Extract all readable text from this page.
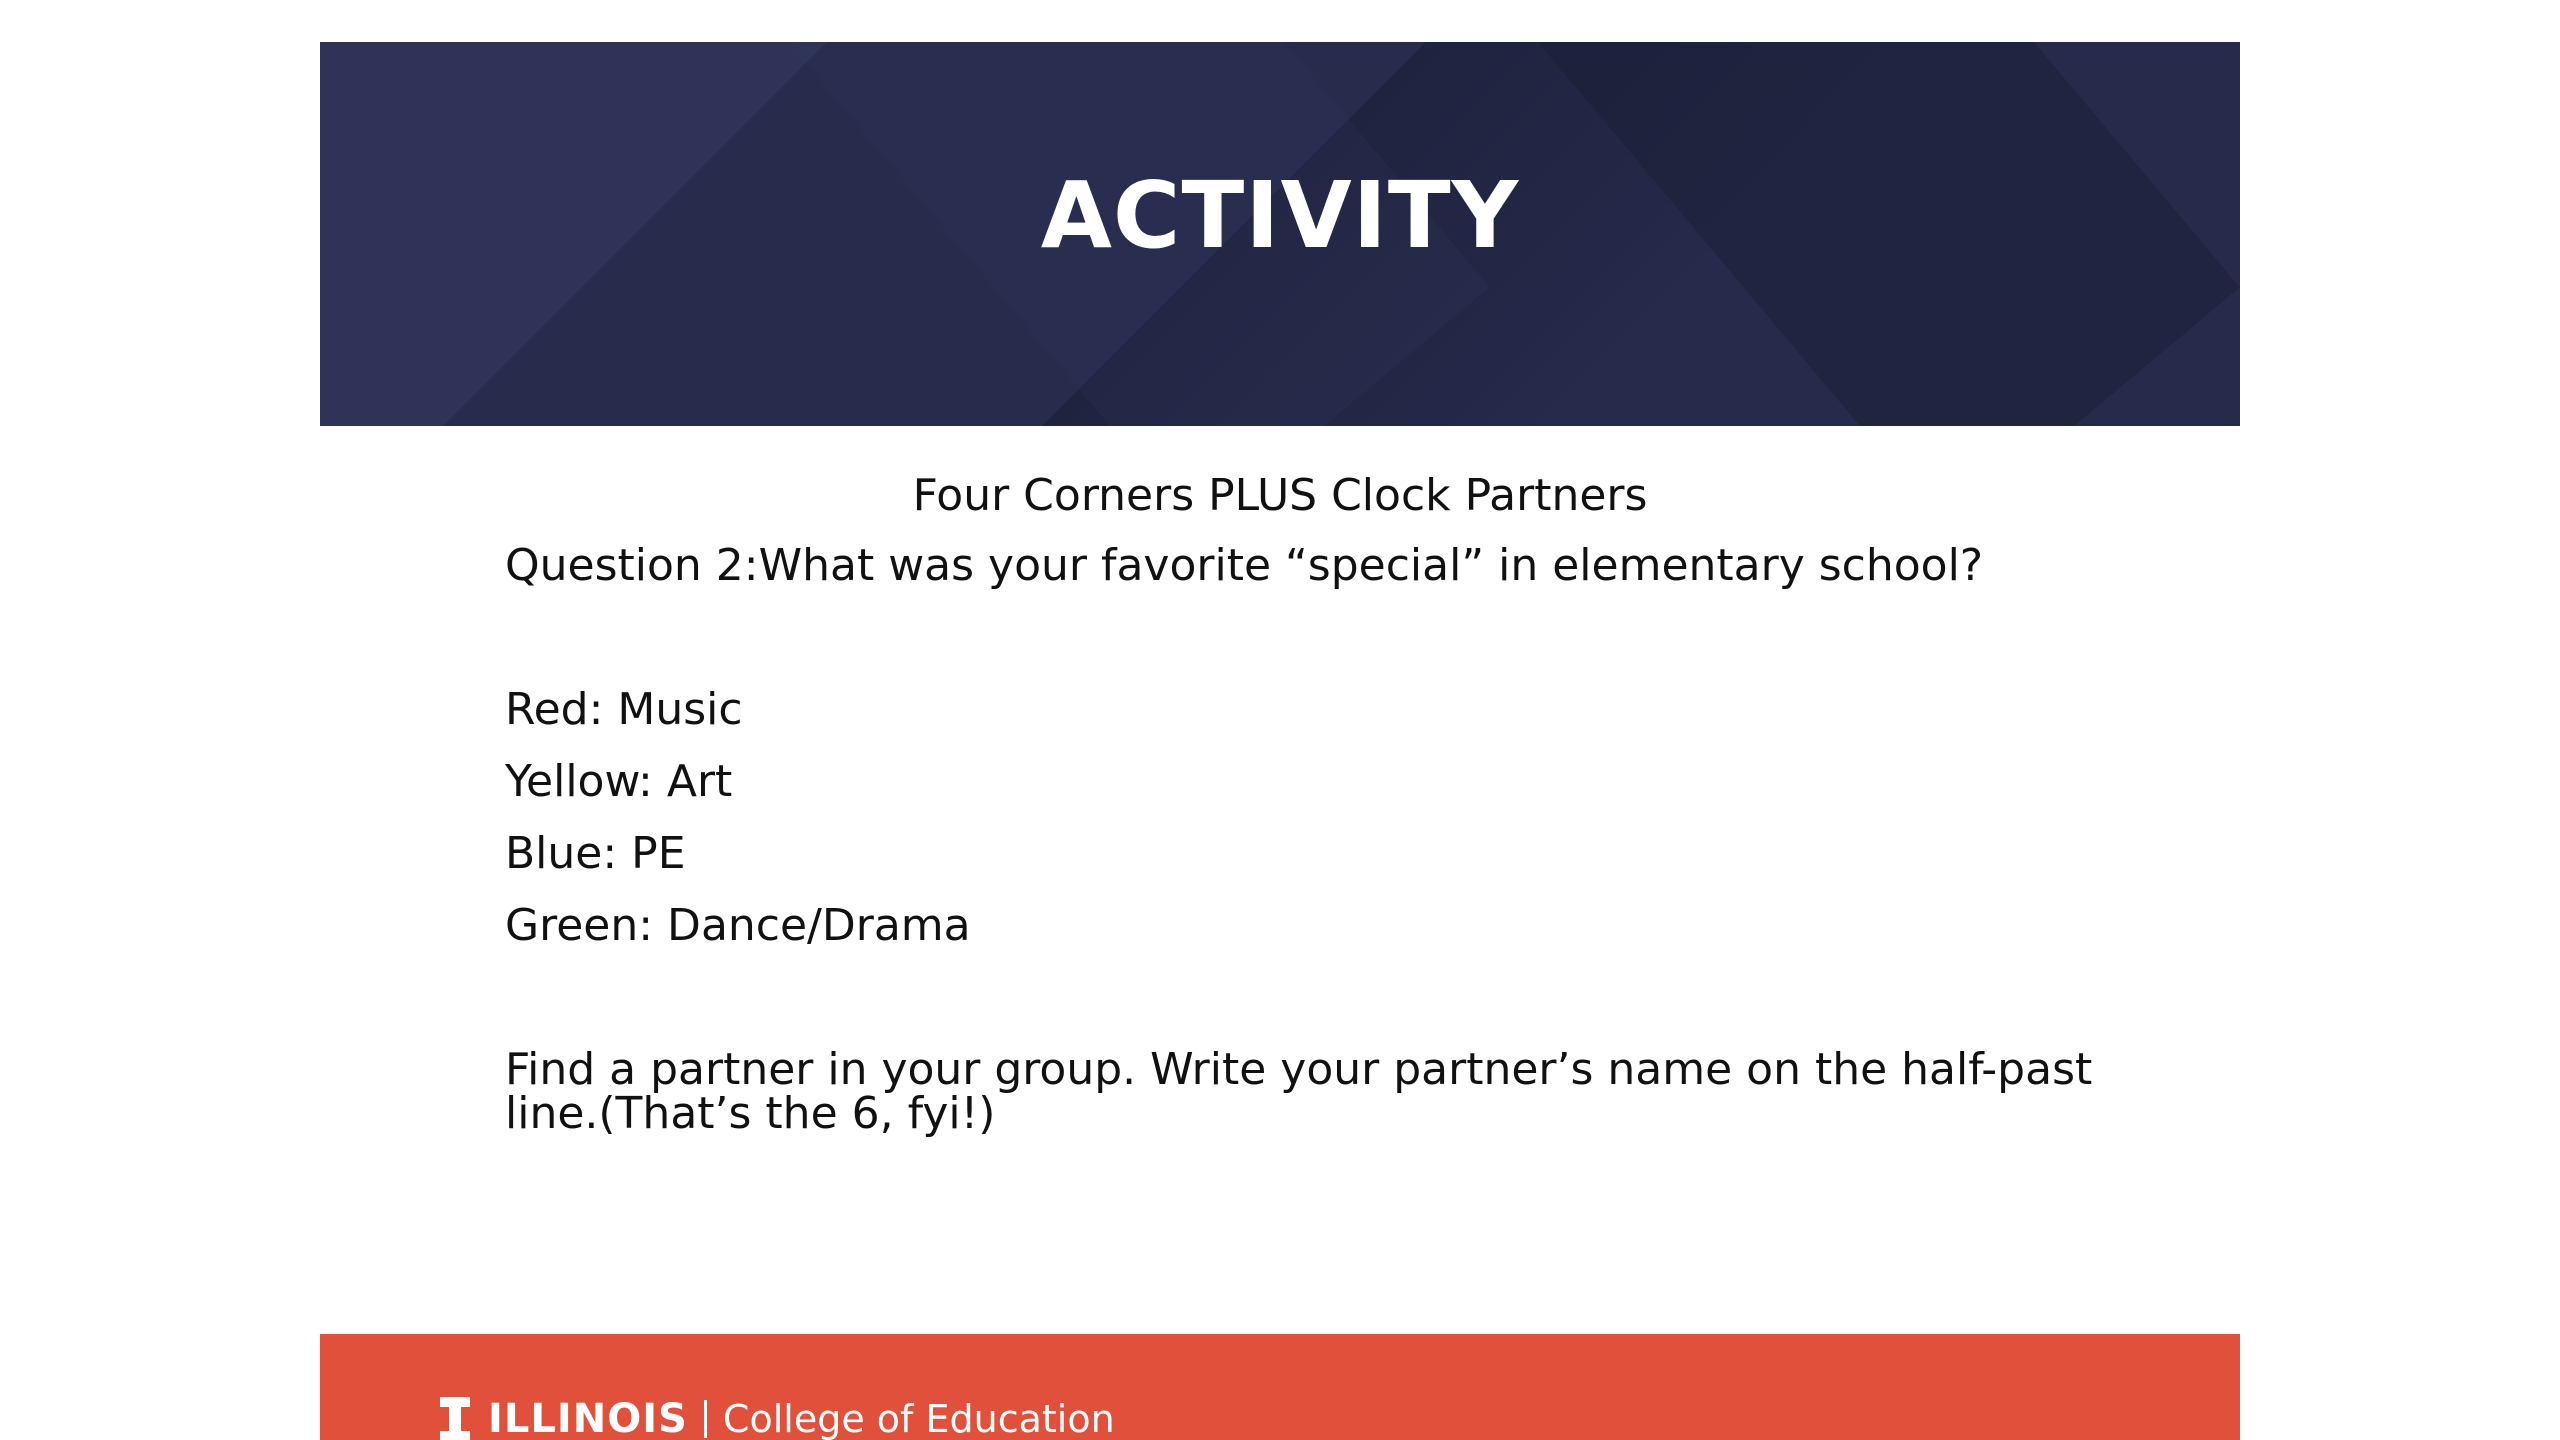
ACTIVITY

Four Corners PLUS Clock Partners

Question 2:What was your favorite “special” in elementary school?

Red: Music

Yellow: Art

Blue: PE

Green: Dance/Drama

Find a partner in your group. Write your partner’s name on the half-past

line.(That’s the 6, fyi!)

ILLINOIS College of Education
